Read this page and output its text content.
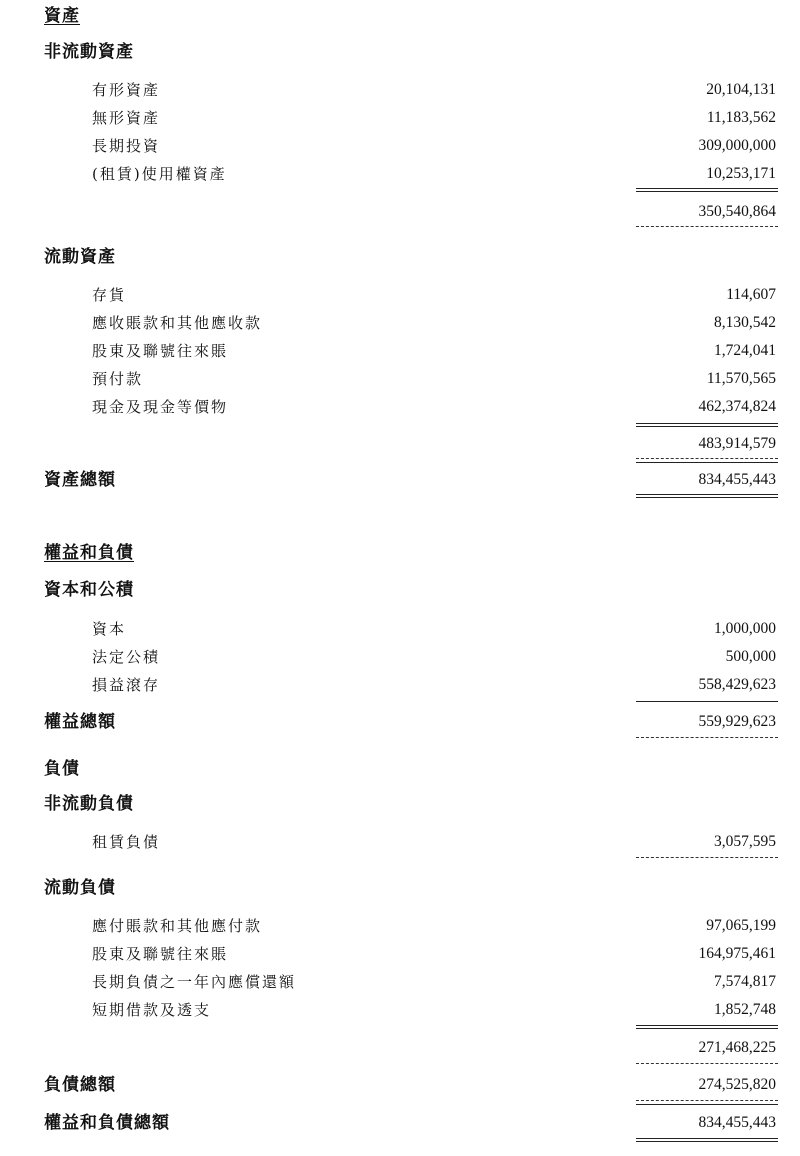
資產
非流動資產
有形資產	20,104,131
無形資產	11,183,562
長期投資	309,000,000
(租賃)使用權資產	10,253,171
350,540,864
流動資產
存貨	114,607
應收賬款和其他應收款	8,130,542
股東及聯號往來賬	1,724,041
預付款	11,570,565
現金及現金等價物	462,374,824
483,914,579
資產總額	834,455,443
權益和負債
資本和公積
資本	1,000,000
法定公積	500,000
損益滾存	558,429,623
權益總額	559,929,623
負債
非流動負債
租賃負債	3,057,595
流動負債
應付賬款和其他應付款	97,065,199
股東及聯號往來賬	164,975,461
長期負債之一年內應償還額	7,574,817
短期借款及透支	1,852,748
271,468,225
負債總額	274,525,820
權益和負債總額	834,455,443
